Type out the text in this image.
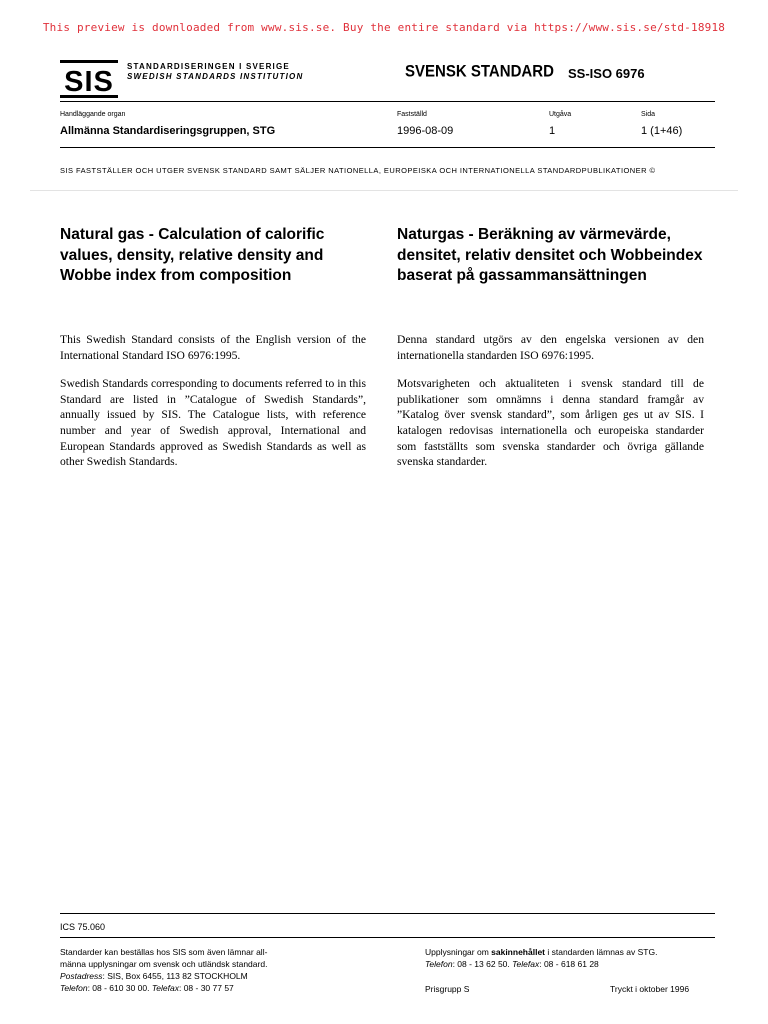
This preview is downloaded from www.sis.se. Buy the entire standard via https://www.sis.se/std-18918
SIS STANDARDISERINGEN I SVERIGE
SWEDISH STANDARDS INSTITUTION	SVENSK STANDARD SS-ISO 6976
Handläggande organ
Allmänna Standardiseringsgruppen, STG
Fastställd
1996-08-09
Utgåva
1
Sida
1 (1+46)
SIS FASTSTÄLLER OCH UTGER SVENSK STANDARD SAMT SÄLJER NATIONELLA, EUROPEISKA OCH INTERNATIONELLA STANDARDPUBLIKATIONER ©
Natural gas - Calculation of calorific values, density, relative density and Wobbe index from composition

This Swedish Standard consists of the English version of the International Standard ISO 6976:1995.

Swedish Standards corresponding to documents referred to in this Standard are listed in ”Catalogue of Swedish Standards”, annually issued by SIS. The Catalogue lists, with reference number and year of Swedish approval, International and European Standards approved as Swedish Standards as well as other Swedish Standards.

Naturgas - Beräkning av värmevärde, densitet, relativ densitet och Wobbeindex baserat på gassammansättningen

Denna standard utgörs av den engelska versionen av den internationella standarden ISO 6976:1995.

Motsvarigheten och aktualiteten i svensk standard till de publikationer som omnämns i denna standard framgår av ”Katalog över svensk standard”, som årligen ges ut av SIS. I katalogen redovisas internationella och europeiska standarder som fastställts som svenska standarder och övriga gällande svenska standarder.

ICS 75.060
Standarder kan beställas hos SIS som även lämnar all-
männa upplysningar om svensk och utländsk standard.
Postadress: SIS, Box 6455, 113 82 STOCKHOLM
Telefon: 08 - 610 30 00. Telefax: 08 - 30 77 57
Upplysningar om sakinnehållet i standarden lämnas av STG.
Telefon: 08 - 13 62 50. Telefax: 08 - 618 61 28
Prisgrupp S	Tryckt i oktober 1996
